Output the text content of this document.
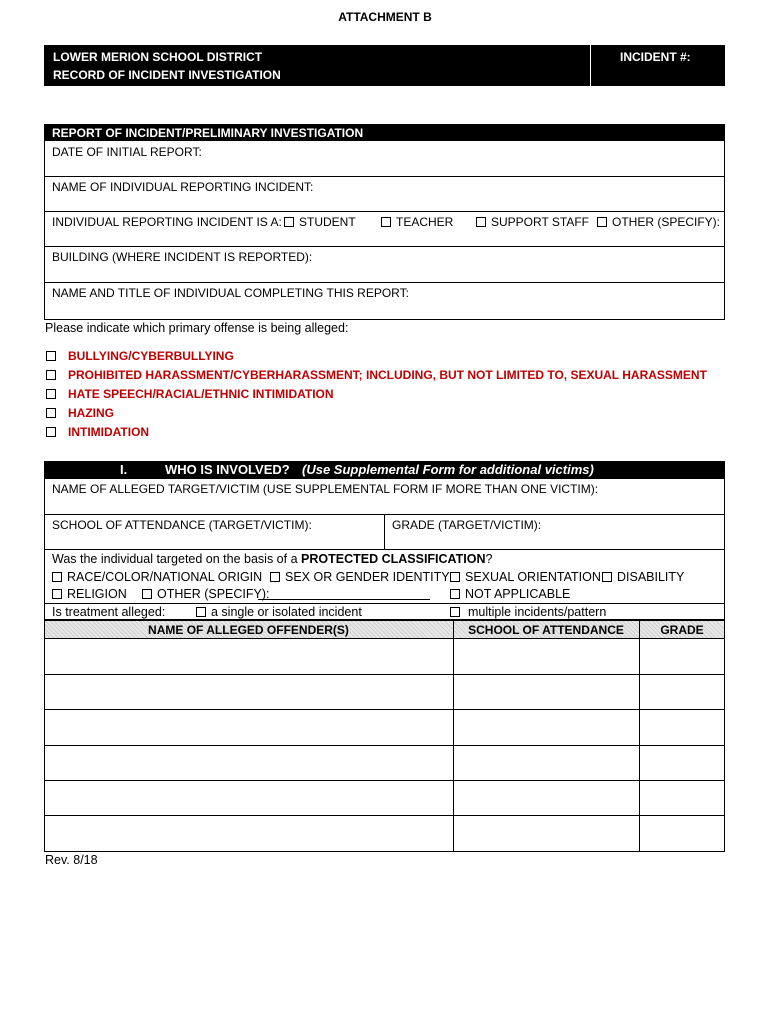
ATTACHMENT B
LOWER MERION SCHOOL DISTRICT
RECORD OF INCIDENT INVESTIGATION
INCIDENT #:
REPORT OF INCIDENT/PRELIMINARY INVESTIGATION
DATE OF INITIAL REPORT:
NAME OF INDIVIDUAL REPORTING INCIDENT:
INDIVIDUAL REPORTING INCIDENT IS A:	STUDENT	TEACHER	SUPPORT STAFF	OTHER (SPECIFY):
BUILDING (WHERE INCIDENT IS REPORTED):
NAME AND TITLE OF INDIVIDUAL COMPLETING THIS REPORT:
Please indicate which primary offense is being alleged:
BULLYING/CYBERBULLYING
PROHIBITED HARASSMENT/CYBERHARASSMENT; INCLUDING, BUT NOT LIMITED TO, SEXUAL HARASSMENT
HATE SPEECH/RACIAL/ETHNIC INTIMIDATION
HAZING
INTIMIDATION
I.	WHO IS INVOLVED? (Use Supplemental Form for additional victims)
NAME OF ALLEGED TARGET/VICTIM (USE SUPPLEMENTAL FORM IF MORE THAN ONE VICTIM):
SCHOOL OF ATTENDANCE (TARGET/VICTIM):	GRADE (TARGET/VICTIM):
Was the individual targeted on the basis of a PROTECTED CLASSIFICATION?
RACE/COLOR/NATIONAL ORIGIN	SEX OR GENDER IDENTITY	SEXUAL ORIENTATION	DISABILITY
RELIGION	OTHER (SPECIFY):	NOT APPLICABLE
Is treatment alleged:	a single or isolated incident	multiple incidents/pattern
NAME OF ALLEGED OFFENDER(S)	SCHOOL OF ATTENDANCE	GRADE
Rev. 8/18
